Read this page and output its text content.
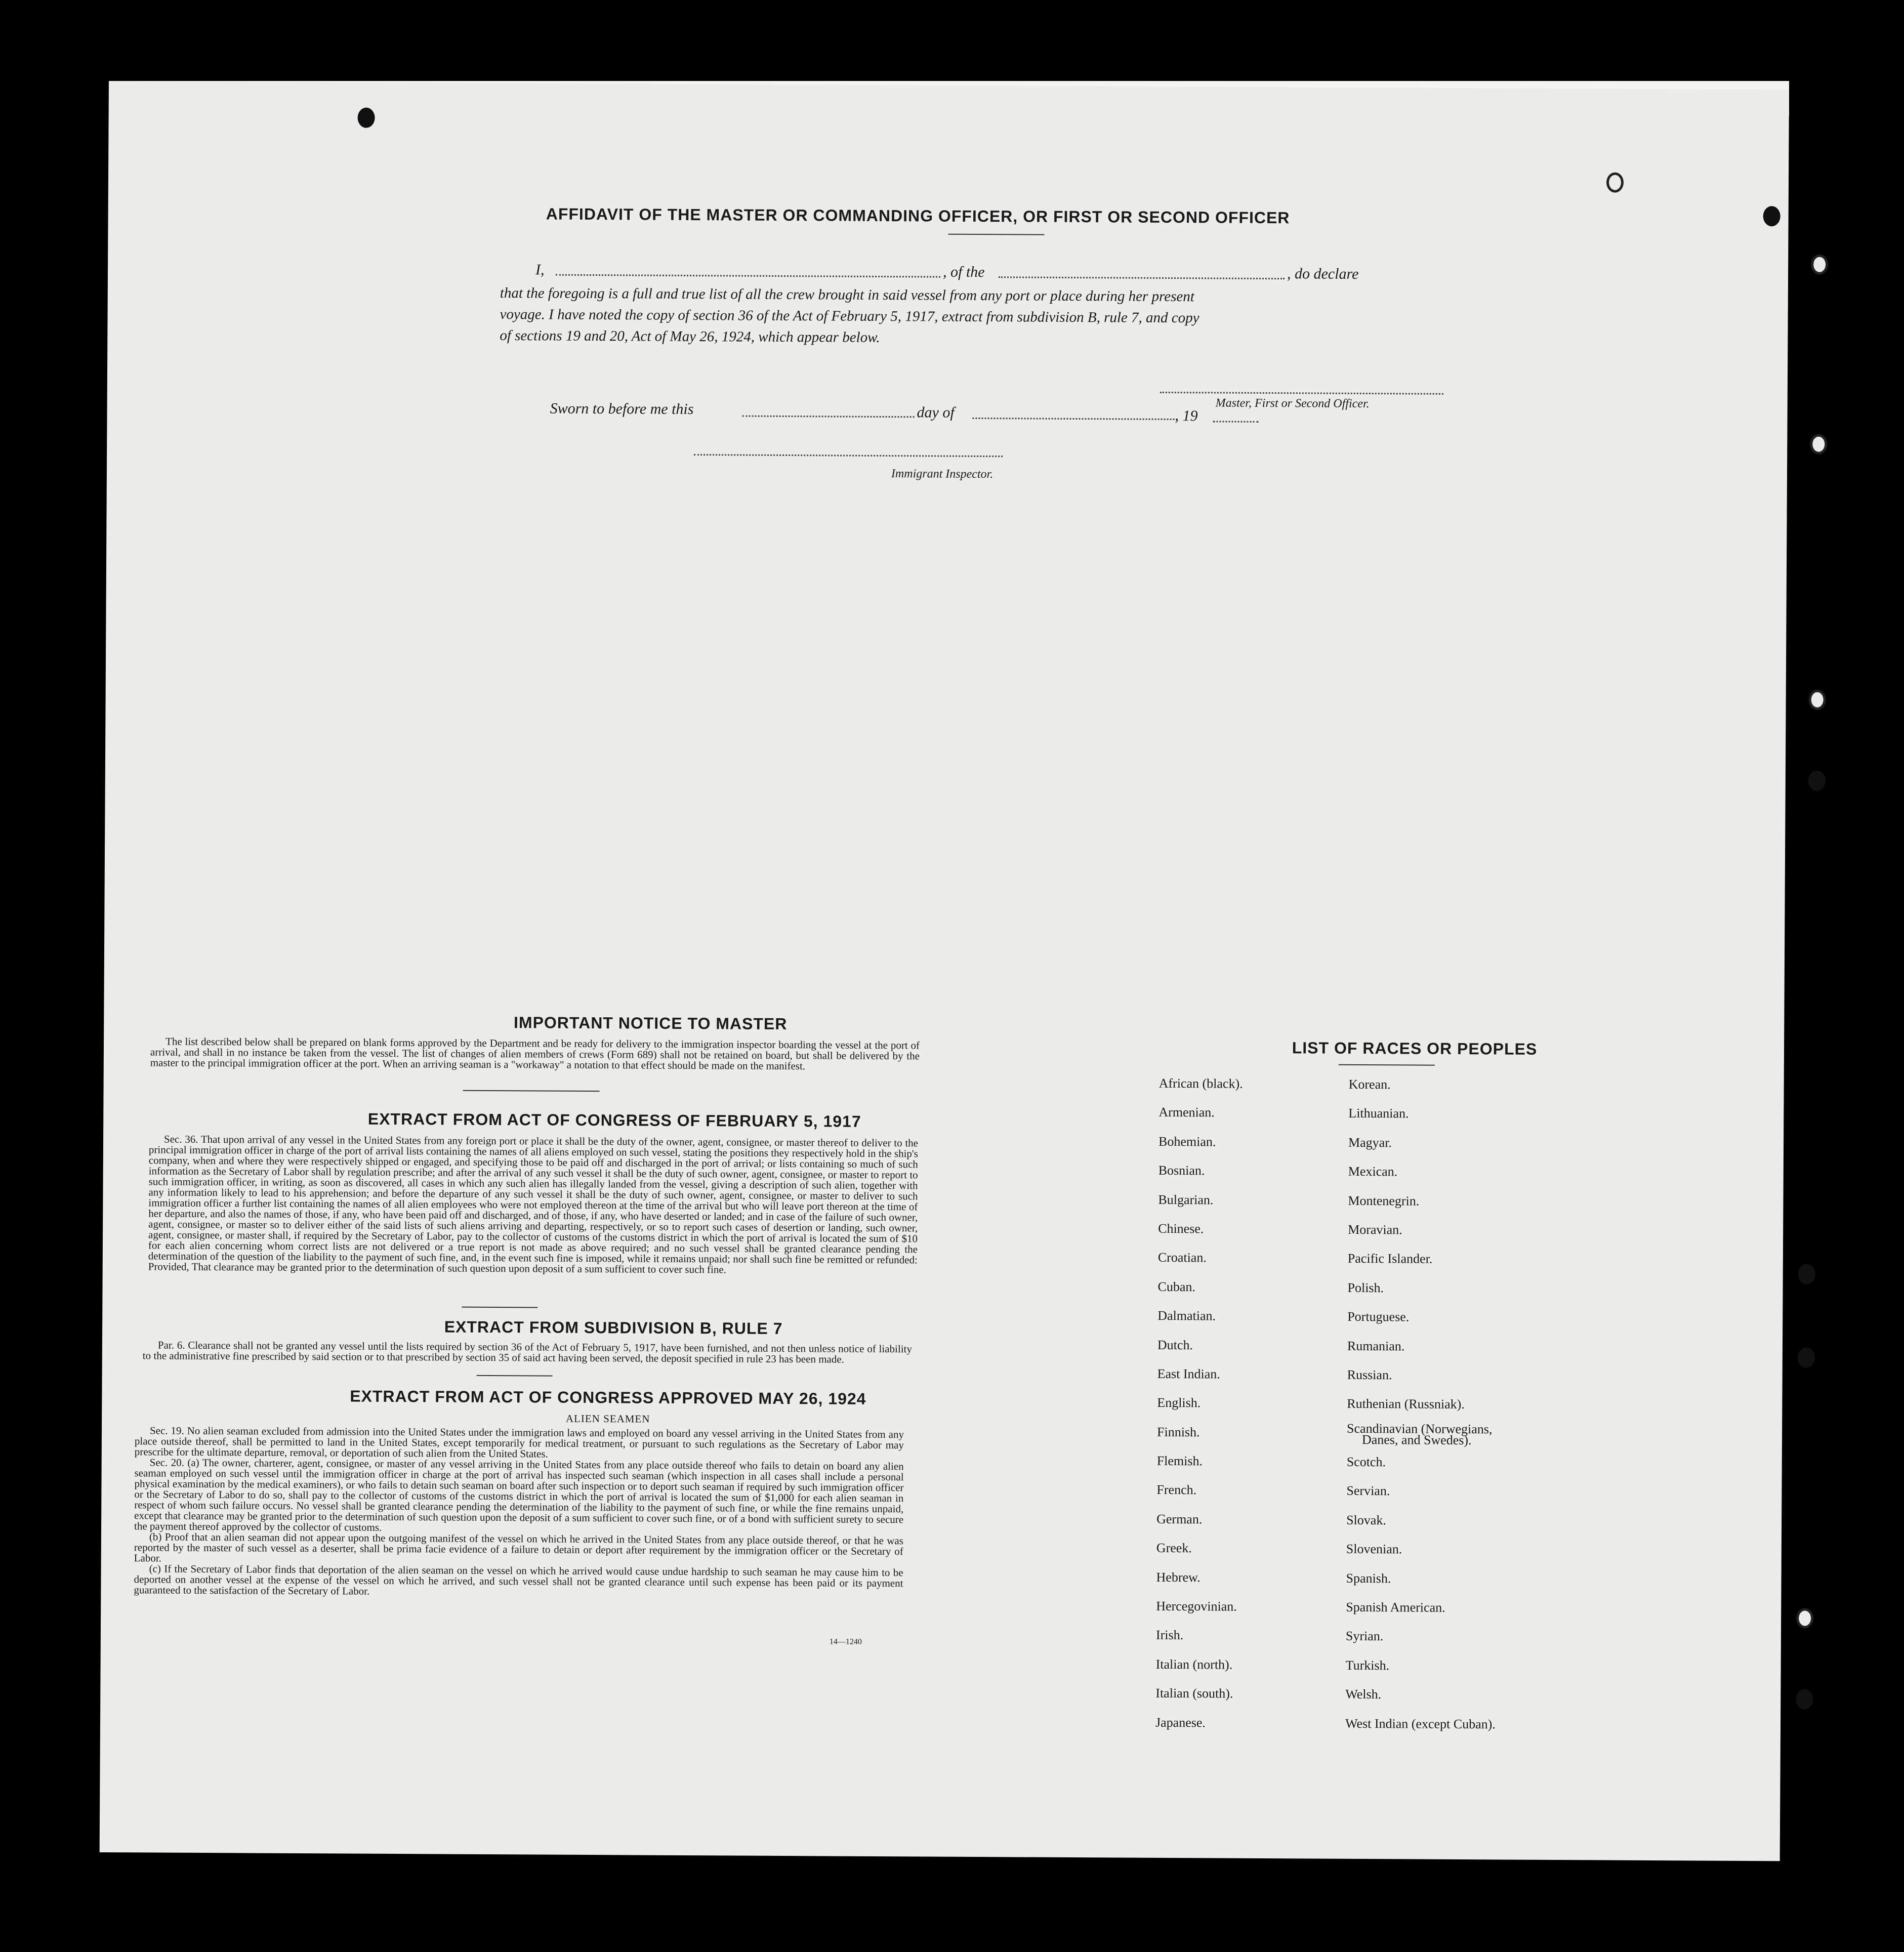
AFFIDAVIT OF THE MASTER OR COMMANDING OFFICER, OR FIRST OR SECOND OFFICER
I,	, of the	, do declare
that the foregoing is a full and true list of all the crew brought in said vessel from any port or place during her present
voyage. I have noted the copy of section 36 of the Act of February 5, 1917, extract from subdivision B, rule 7, and copy
of sections 19 and 20, Act of May 26, 1924, which appear below.
Master, First or Second Officer.
Sworn to before me this	day of	, 19
Immigrant Inspector.
IMPORTANT NOTICE TO MASTER

The list described below shall be prepared on blank forms approved by the Department and be ready for delivery to the immigration inspector boarding the vessel at the port of arrival, and shall in no instance be taken from the vessel. The list of changes of alien members of crews (Form 689) shall not be retained on board, but shall be delivered by the master to the principal immigration officer at the port. When an arriving seaman is a "workaway" a notation to that effect should be made on the manifest.

EXTRACT FROM ACT OF CONGRESS OF FEBRUARY 5, 1917

Sec. 36. That upon arrival of any vessel in the United States from any foreign port or place it shall be the duty of the owner, agent, consignee, or master thereof to deliver to the principal immigration officer in charge of the port of arrival lists containing the names of all aliens employed on such vessel, stating the positions they respectively hold in the ship's company, when and where they were respectively shipped or engaged, and specifying those to be paid off and discharged in the port of arrival; or lists containing so much of such information as the Secretary of Labor shall by regulation prescribe; and after the arrival of any such vessel it shall be the duty of such owner, agent, consignee, or master to report to such immigration officer, in writing, as soon as discovered, all cases in which any such alien has illegally landed from the vessel, giving a description of such alien, together with any information likely to lead to his apprehension; and before the departure of any such vessel it shall be the duty of such owner, agent, consignee, or master to deliver to such immigration officer a further list containing the names of all alien employees who were not employed thereon at the time of the arrival but who will leave port thereon at the time of her departure, and also the names of those, if any, who have been paid off and discharged, and of those, if any, who have deserted or landed; and in case of the failure of such owner, agent, consignee, or master so to deliver either of the said lists of such aliens arriving and departing, respectively, or so to report such cases of desertion or landing, such owner, agent, consignee, or master shall, if required by the Secretary of Labor, pay to the collector of customs of the customs district in which the port of arrival is located the sum of $10 for each alien concerning whom correct lists are not delivered or a true report is not made as above required; and no such vessel shall be granted clearance pending the determination of the question of the liability to the payment of such fine, and, in the event such fine is imposed, while it remains unpaid; nor shall such fine be remitted or refunded: Provided, That clearance may be granted prior to the determination of such question upon deposit of a sum sufficient to cover such fine.

EXTRACT FROM SUBDIVISION B, RULE 7

Par. 6. Clearance shall not be granted any vessel until the lists required by section 36 of the Act of February 5, 1917, have been furnished, and not then unless notice of liability to the administrative fine prescribed by said section or to that prescribed by section 35 of said act having been served, the deposit specified in rule 23 has been made.

EXTRACT FROM ACT OF CONGRESS APPROVED MAY 26, 1924
ALIEN SEAMEN

Sec. 19. No alien seaman excluded from admission into the United States under the immigration laws and employed on board any vessel arriving in the United States from any place outside thereof, shall be permitted to land in the United States, except temporarily for medical treatment, or pursuant to such regulations as the Secretary of Labor may prescribe for the ultimate departure, removal, or deportation of such alien from the United States.

Sec. 20. (a) The owner, charterer, agent, consignee, or master of any vessel arriving in the United States from any place outside thereof who fails to detain on board any alien seaman employed on such vessel until the immigration officer in charge at the port of arrival has inspected such seaman (which inspection in all cases shall include a personal physical examination by the medical examiners), or who fails to detain such seaman on board after such inspection or to deport such seaman if required by such immigration officer or the Secretary of Labor to do so, shall pay to the collector of customs of the customs district in which the port of arrival is located the sum of $1,000 for each alien seaman in respect of whom such failure occurs. No vessel shall be granted clearance pending the determination of the liability to the payment of such fine, or while the fine remains unpaid, except that clearance may be granted prior to the determination of such question upon the deposit of a sum sufficient to cover such fine, or of a bond with sufficient surety to secure the payment thereof approved by the collector of customs.

(b) Proof that an alien seaman did not appear upon the outgoing manifest of the vessel on which he arrived in the United States from any place outside thereof, or that he was reported by the master of such vessel as a deserter, shall be prima facie evidence of a failure to detain or deport after requirement by the immigration officer or the Secretary of Labor.

(c) If the Secretary of Labor finds that deportation of the alien seaman on the vessel on which he arrived would cause undue hardship to such seaman he may cause him to be deported on another vessel at the expense of the vessel on which he arrived, and such vessel shall not be granted clearance until such expense has been paid or its payment guaranteed to the satisfaction of the Secretary of Labor.

14—1240
LIST OF RACES OR PEOPLES
African (black).
Armenian.
Bohemian.
Bosnian.
Bulgarian.
Chinese.
Croatian.
Cuban.
Dalmatian.
Dutch.
East Indian.
English.
Finnish.
Flemish.
French.
German.
Greek.
Hebrew.
Hercegovinian.
Irish.
Italian (north).
Italian (south).
Japanese.
Korean.
Lithuanian.
Magyar.
Mexican.
Montenegrin.
Moravian.
Pacific Islander.
Polish.
Portuguese.
Rumanian.
Russian.
Ruthenian (Russniak).
Scandinavian (Norwegians,
Danes, and Swedes).
Scotch.
Servian.
Slovak.
Slovenian.
Spanish.
Spanish American.
Syrian.
Turkish.
Welsh.
West Indian (except Cuban).
